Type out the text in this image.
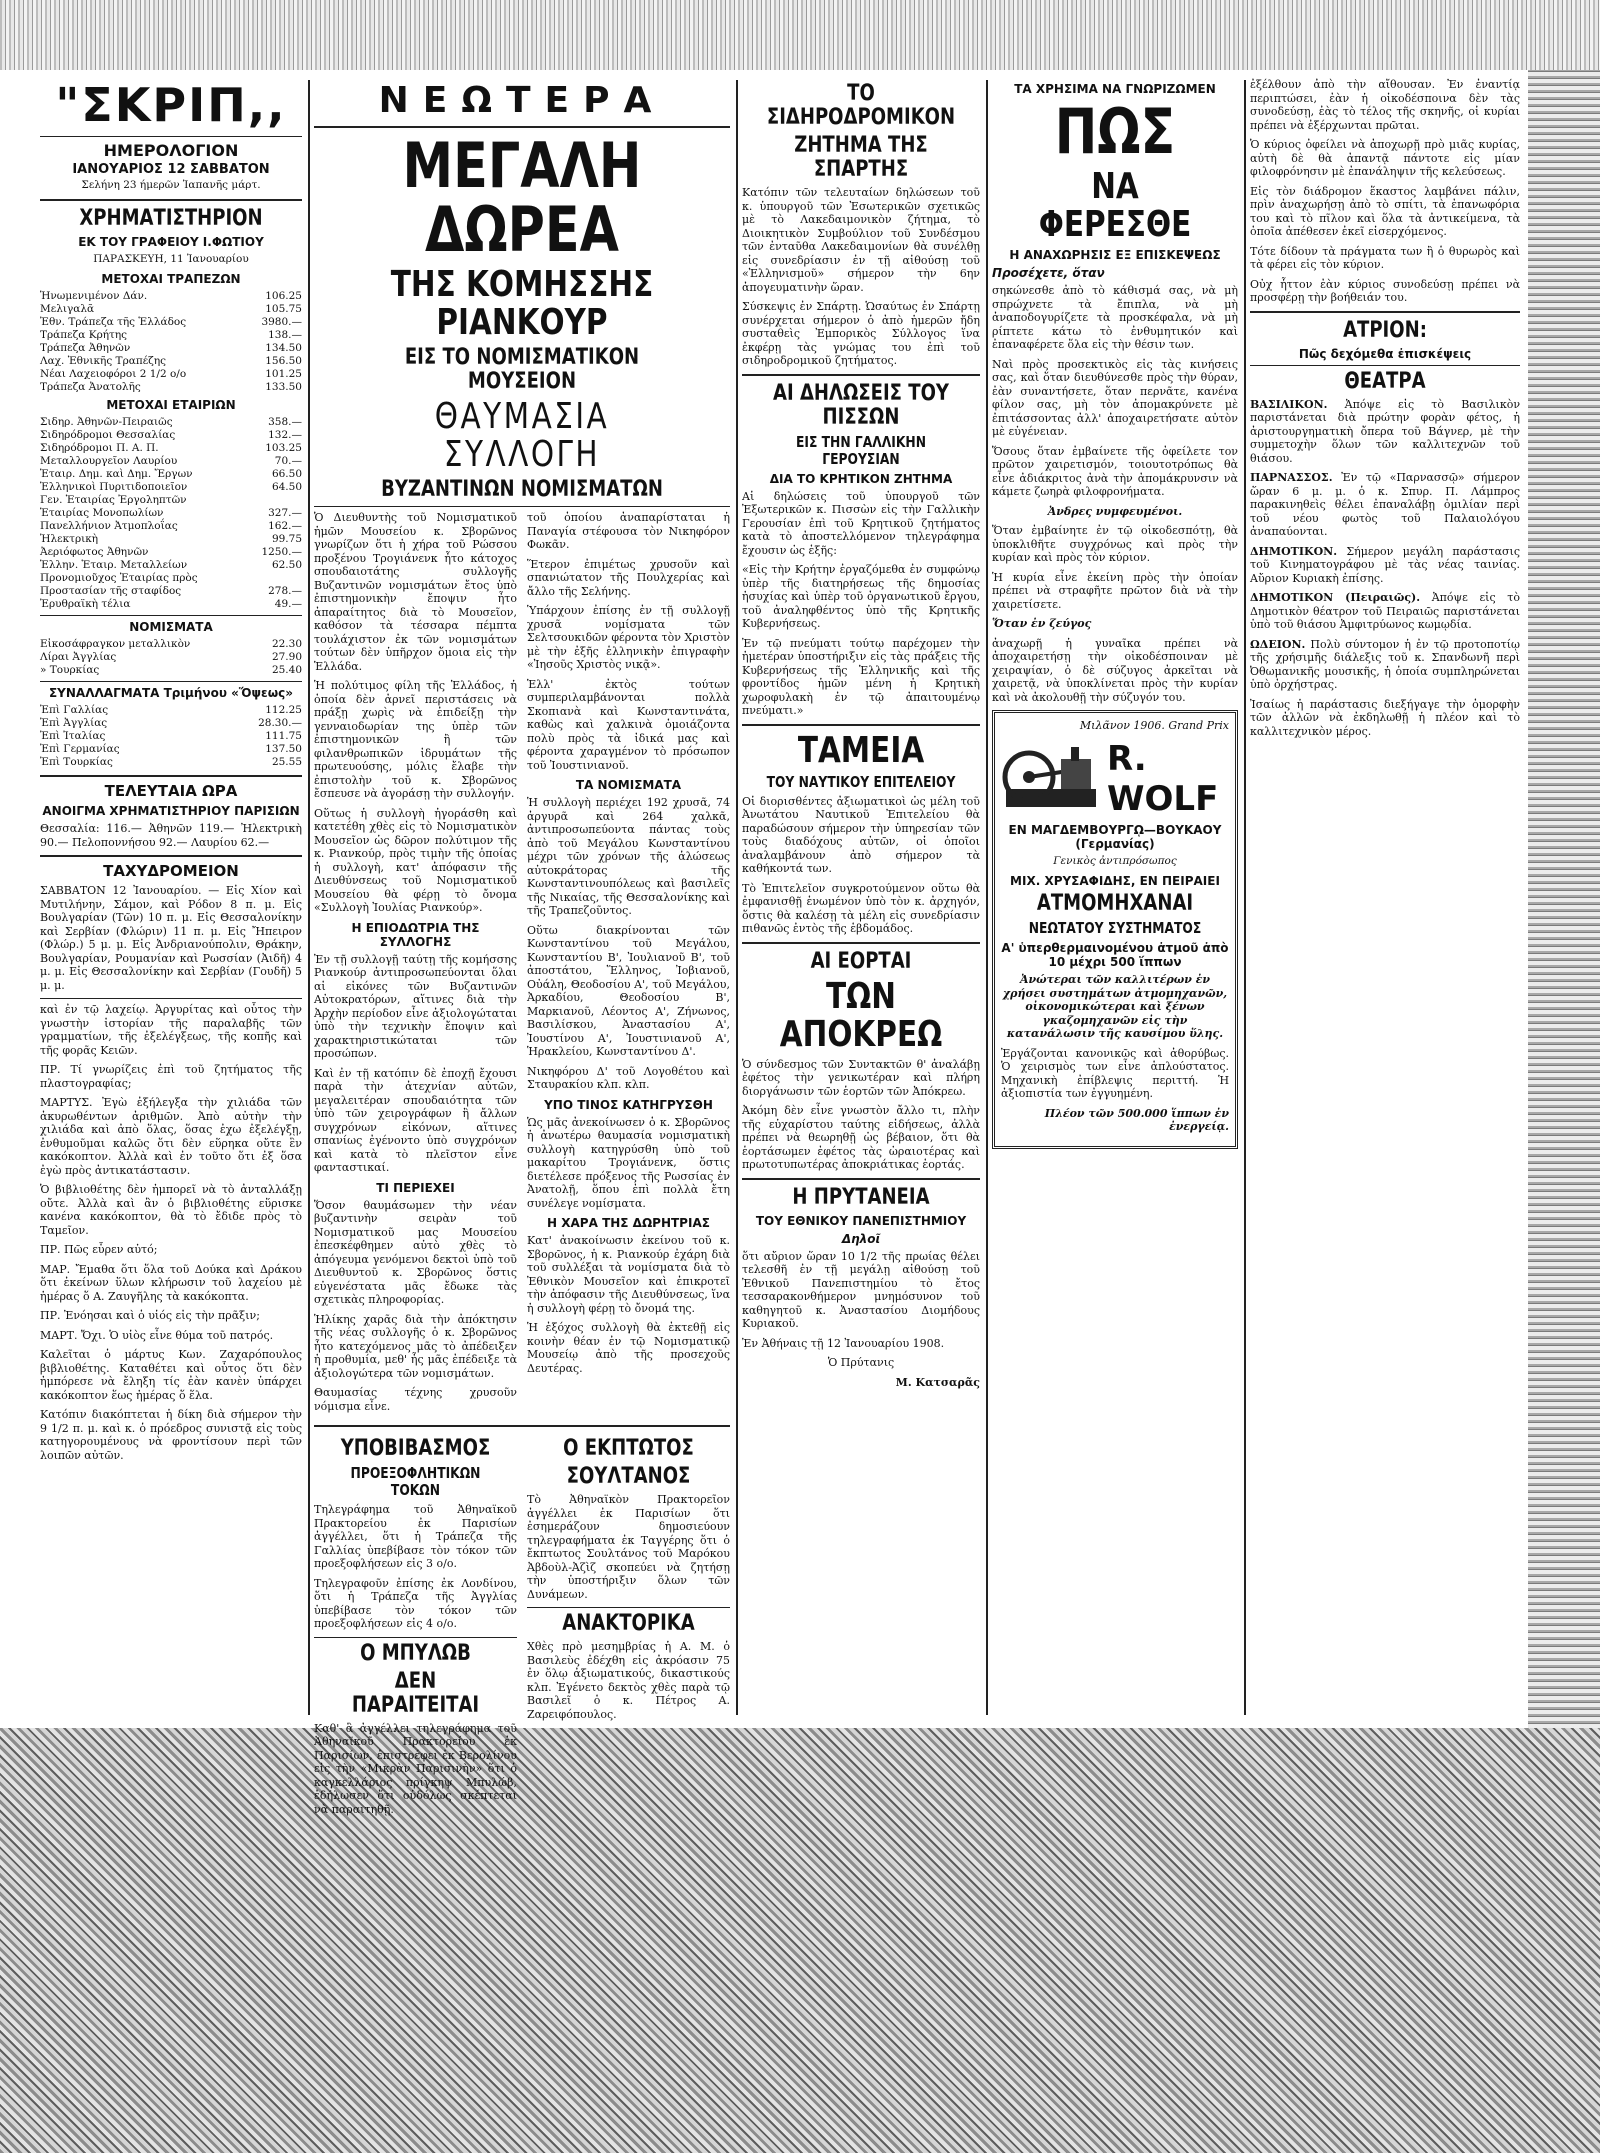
"ΣΚΡΙΠ,,
ΗΜΕΡΟΛΟΓΙΟΝ
ΙΑΝΟΥΑΡΙΟΣ 12 ΣΑΒΒΑΤΟΝ
Σελήνη 23 ήμερῶν Ἰαπανῆς μάρτ.
ΧΡΗΜΑΤΙΣΤΗΡΙΟΝ
ΕΚ ΤΟΥ ΓΡΑΦΕΙΟΥ Ι.ΦΩΤΙΟΥ
ΠΑΡΑΣΚΕΥΗ, 11 Ἰανουαρίου
ΜΕΤΟΧΑΙ ΤΡΑΠΕΖΩΝ
Ἡνωμενιμένον Δάν.	106.25
Μελιγαλᾶ	105.75
Ἐθν. Τράπεζα τῆς Ἑλλάδος	3980.—
Τράπεζα Κρήτης	138.—
Τράπεζα Ἀθηνῶν	134.50
Λαχ. Ἐθνικῆς Τραπέζης	156.50
Νέαι Λαχειοφόροι 2 1/2 ο/ο	101.25
Τράπεζα Ἀνατολῆς	133.50
ΜΕΤΟΧΑΙ ΕΤΑΙΡΙΩΝ
Σιδηρ. Ἀθηνῶν-Πειραιῶς	358.—
Σιδηρόδρομοι Θεσσαλίας	132.—
Σιδηρόδρομοι Π. Α. Π.	103.25
Μεταλλουργεῖον Λαυρίου	70.—
Ἑταιρ. Δημ. καὶ Δημ. Ἔργων	66.50
Ἑλληνικοὶ Πυριτιδοποιεῖον	64.50
Γεν. Ἑταιρίας Ἐργοληπτῶν	
Ἑταιρίας Μονοπωλίων	327.—
Πανελλήνιον Ἀτμοπλοΐας	162.—
Ἠλεκτρικὴ	99.75
Ἀεριόφωτος Ἀθηνῶν	1250.—
Ἑλλην. Ἑταιρ. Μεταλλείων	62.50
Προνομιοῦχος Ἑταιρίας πρὸς	
Προστασίαν τῆς σταφίδος	278.—
Ἐρυθραϊκὴ τέλια	49.—
ΝΟΜΙΣΜΑΤΑ
Εἰκοσάφραγκον μεταλλικὸν	22.30
Λίραι Ἀγγλίας	27.90
» Τουρκίας	25.40
ΣΥΝΑΛΛΑΓΜΑΤΑ Τριμήνου «Ὄψεως»
Ἐπὶ Γαλλίας	112.25
Ἐπὶ Ἀγγλίας	28.30.—
Ἐπὶ Ἰταλίας	111.75
Ἐπὶ Γερμανίας	137.50
Ἐπὶ Τουρκίας	25.55
ΤΕΛΕΥΤΑΙΑ ΩΡΑ
ΑΝΟΙΓΜΑ ΧΡΗΜΑΤΙΣΤΗΡΙΟΥ ΠΑΡΙΣΙΩΝ

Θεσσαλία: 116.— Ἀθηνῶν 119.— Ἠλεκτρικὴ 90.— Πελοποννήσου 92.— Λαυρίου 62.—

ΤΑΧΥΔΡΟΜΕΙΟΝ

ΣΑΒΒΑΤΟΝ 12 Ἰανουαρίου. — Εἰς Χίον καὶ Μυτιλήνην, Σάμον, καὶ Ρόδον 8 π. μ. Εἰς Βουλγαρίαν (Τῶν) 10 π. μ. Εἰς Θεσσαλονίκην καὶ Σερβίαν (Φλώριν) 11 π. μ. Εἰς Ἤπειρον (Φλώρ.) 5 μ. μ. Εἰς Ἀνδριανούπολιν, Θράκην, Βουλγαρίαν, Ρουμανίαν καὶ Ρωσσίαν (Ἀιδῆ) 4 μ. μ. Εἰς Θεσσαλονίκην καὶ Σερβίαν (Γουδῆ) 5 μ. μ.

καὶ ἐν τῷ λαχείῳ. Ἀργυρίτας καὶ οὗτος τὴν γνωστὴν ἱστορίαν τῆς παραλαβῆς τῶν γραμματίων, τῆς ἐξελέγξεως, τῆς κοπῆς καὶ τῆς φορᾶς Κειῶν.

ΠΡ. Τί γνωρίζεις ἐπὶ τοῦ ζητήματος τῆς πλαστογραφίας;

ΜΑΡΤΥΣ. Ἐγὼ ἐξήλεγξα τὴν χιλιάδα τῶν ἀκυρωθέντων ἀριθμῶν. Ἀπὸ αὐτὴν τὴν χιλιάδα καὶ ἀπὸ ὅλας, ὅσας ἐχω ἐξελέγξῃ, ἐνθυμοῦμαι καλῶς ὅτι δὲν εὕρηκα οὔτε ἓν κακόκοπτον. Ἀλλὰ καὶ ἐν τοῦτο ὅτι ἐξ ὅσα ἐγὼ πρὸς ἀντικατάστασιν.

Ὁ βιβλιοθέτης δὲν ἠμπορεῖ νὰ τὸ ἀνταλλάξῃ οὔτε. Ἀλλὰ καὶ ἂν ὁ βιβλιοθέτης εὕρισκε κανένα κακόκοπτον, θὰ τὸ ἔδιδε πρὸς τὸ Ταμεῖον.

ΠΡ. Πῶς εὗρεν αὐτό;

ΜΑΡ. Ἔμαθα ὅτι ὅλα τοῦ Δούκα καὶ Δράκου ὅτι ἐκείνων ὕλων κλήρωσιν τοῦ λαχείου μὲ ἡμέρας ὅ Α. Ζαυγῆλης τὰ κακόκοπτα.

ΠΡ. Ἐνόησαι καὶ ὁ υἱός εἰς τὴν πρᾶξιν;

ΜΑΡΤ. Ὄχι. Ὁ υἱὸς εἶνε θύμα τοῦ πατρός.

Καλεῖται ὁ μάρτυς Κων. Ζαχαρόπουλος βιβλιοθέτης. Καταθέτει καὶ οὗτος ὅτι δὲν ἠμπόρεσε νὰ ἔληξη τίς ἐὰν κανὲν ὑπάρχει κακόκοπτον ἕως ἡμέρας ὅ ἕλα.

Κατόπιν διακόπτεται ἡ δίκη διὰ σήμερον τὴν 9 1/2 π. μ. καὶ κ. ὁ πρόεδρος συνιστᾷ εἰς τοὺς κατηγορουμένους νὰ φροντίσουν περὶ τῶν λοιπῶν αὐτῶν.

ΝΕΩΤΕΡΑ
ΜΕΓΑΛΗ ΔΩΡΕΑ
ΤΗΣ ΚΟΜΗΣΣΗΣ ΡΙΑΝΚΟΥΡ
ΕΙΣ ΤΟ ΝΟΜΙΣΜΑΤΙΚΟΝ ΜΟΥΣΕΙΟΝ
ΘΑΥΜΑΣΙΑ ΣΥΛΛΟΓΗ
ΒΥΖΑΝΤΙΝΩΝ ΝΟΜΙΣΜΑΤΩΝ

Ὁ Διευθυντὴς τοῦ Νομισματικοῦ ἡμῶν Μουσείου κ. Σβορῶνος γνωρίζων ὅτι ἡ χήρα τοῦ Ρώσσου προξένου Τρογιάνενκ ἦτο κάτοχος σπουδαιοτάτης συλλογῆς Βυζαντινῶν νομισμάτων ἔτος ὑπὸ ἐπιστημονικὴν ἔποψιν ἦτο ἀπαραίτητος διὰ τὸ Μουσεῖον, καθόσον τὰ τέσσαρα πέμπτα τουλάχιστον ἐκ τῶν νομισμάτων τούτων δὲν ὑπῆρχον ὅμοια εἰς τὴν Ἑλλάδα.

Ἡ πολύτιμος φίλη τῆς Ἑλλάδος, ἡ ὁποία δὲν ἀρνεῖ περιστάσεις νὰ πράξῃ χωρὶς νὰ ἐπιδείξῃ τὴν γενναιοδωρίαν της ὑπὲρ τῶν ἐπιστημονικῶν ἢ τῶν φιλανθρωπικῶν ἱδρυμάτων τῆς πρωτευούσης, μόλις ἔλαβε τὴν ἐπιστολὴν τοῦ κ. Σβορῶνος ἔσπευσε νὰ ἀγοράσῃ τὴν συλλογήν.

Οὕτως ἡ συλλογὴ ἠγοράσθη καὶ κατετέθη χθὲς εἰς τὸ Νομισματικὸν Μουσεῖον ὡς δῶρον πολύτιμον τῆς κ. Ριανκούρ, πρὸς τιμὴν τῆς ὁποίας ἡ συλλογὴ, κατ' ἀπόφασιν τῆς Διευθύνσεως τοῦ Νομισματικοῦ Μουσείου θὰ φέρῃ τὸ ὄνομα «Συλλογὴ Ἰουλίας Ριανκούρ».

Η ΕΠΙΟΔΩΤΡΙΑ ΤΗΣ ΣΥΛΛΟΓΗΣ

Ἐν τῇ συλλογῇ ταύτῃ τῆς κομήσσης Ριανκούρ ἀντιπροσωπεύονται ὅλαι αἱ εἰκόνες τῶν Βυζαντινῶν Αὐτοκρατόρων, αἵτινες διὰ τὴν Ἀρχὴν περίοδον εἶνε ἀξιολογώταται ὑπὸ τὴν τεχνικὴν ἔποψιν καὶ χαρακτηριστικώταται τῶν προσώπων.

Καὶ ἐν τῇ κατόπιν δὲ ἐποχῇ ἔχουσι παρὰ τὴν ἀτεχνίαν αὐτῶν, μεγαλειτέραν σπουδαιότητα τῶν ὑπὸ τῶν χειρογράφων ἢ ἄλλων συγχρόνων εἰκόνων, αἵτινες σπανίως ἐγένοντο ὑπὸ συγχρόνων καὶ κατὰ τὸ πλεῖστον εἶνε φανταστικαί.

ΤΙ ΠΕΡΙΕΧΕΙ

Ὅσον θαυμάσωμεν τὴν νέαν βυζαντινὴν σειρὰν τοῦ Νομισματικοῦ μας Μουσείου ἐπεσκέφθημεν αὐτὸ χθὲς τὸ ἀπόγευμα γενόμενοι δεκτοὶ ὑπὸ τοῦ Διευθυντοῦ κ. Σβορῶνος ὅστις εὐγενέστατα μᾶς ἔδωκε τὰς σχετικὰς πληροφορίας.

Ἡλίκης χαρᾶς διὰ τὴν ἀπόκτησιν τῆς νέας συλλογῆς ὁ κ. Σβορῶνος ἦτο κατεχόμενος μᾶς τὸ ἀπέδειξεν ἡ προθυμία, μεθ' ἧς μᾶς ἐπέδειξε τὰ ἀξιολογώτερα τῶν νομισμάτων.

Θαυμασίας τέχνης χρυσοῦν νόμισμα εἶνε.

τοῦ ὁποίου ἀναπαρίσταται ἡ Παναγία στέφουσα τὸν Νικηφόρον Φωκᾶν.

Ἕτερον ἐπιμέτως χρυσοῦν καὶ σπανιώτατον τῆς Πουλχερίας καὶ ἄλλο τῆς Σελήνης.

Ὑπάρχουν ἐπίσης ἐν τῇ συλλογῇ χρυσᾶ νομίσματα τῶν Σελτσουκιδῶν φέροντα τὸν Χριστὸν μὲ τὴν ἐξῆς ἑλληνικὴν ἐπιγραφὴν «Ἰησοῦς Χριστὸς νικᾷ».

Ἑλλ' ἐκτὸς τούτων συμπεριλαμβάνονται πολλὰ Σκοπιανὰ καὶ Κωνσταντινάτα, καθὼς καὶ χαλκινὰ ὁμοιάζοντα πολὺ πρὸς τὰ ἰδικά μας καὶ φέροντα χαραγμένον τὸ πρόσωπον τοῦ Ἰουστινιανοῦ.

ΤΑ ΝΟΜΙΣΜΑΤΑ

Ἡ συλλογὴ περιέχει 192 χρυσᾶ, 74 ἀργυρᾶ καὶ 264 χαλκᾶ, ἀντιπροσωπεύοντα πάντας τοὺς ἀπὸ τοῦ Μεγάλου Κωνσταντίνου μέχρι τῶν χρόνων τῆς ἁλώσεως αὐτοκράτορας τῆς Κωνσταντινουπόλεως καὶ βασιλεῖς τῆς Νικαίας, τῆς Θεσσαλονίκης καὶ τῆς Τραπεζοῦντος.

Οὕτω διακρίνονται τῶν Κωνσταντίνου τοῦ Μεγάλου, Κωνσταντίου Β', Ἰουλιανοῦ Β', τοῦ ἀποστάτου, Ἕλληνος, Ἰοβιανοῦ, Οὐάλη, Θεοδοσίου Α', τοῦ Μεγάλου, Ἀρκαδίου, Θεοδοσίου Β', Μαρκιανοῦ, Λέοντος Α', Ζήνωνος, Βασιλίσκου, Ἀναστασίου Α', Ἰουστίνου Α', Ἰουστινιανοῦ Α', Ἡρακλείου, Κωνσταντίνου Δ'.

Νικηφόρου Δ' τοῦ Λογοθέτου καὶ Σταυρακίου κλπ. κλπ.

ΥΠΟ ΤΙΝΟΣ ΚΑΤΗΓΡΥΣΘΗ

Ὡς μᾶς ἀνεκοίνωσεν ὁ κ. Σβορῶνος ἡ ἀνωτέρω θαυμασία νομισματικὴ συλλογὴ κατηγρύσθη ὑπὸ τοῦ μακαρίτου Τρογιάνενκ, ὅστις διετέλεσε πρόξενος τῆς Ρωσσίας ἐν Ἀνατολῇ, ὅπου ἐπὶ πολλὰ ἔτη συνέλεγε νομίσματα.

Η ΧΑΡΑ ΤΗΣ ΔΩΡΗΤΡΙΑΣ

Κατ' ἀνακοίνωσιν ἐκείνου τοῦ κ. Σβορῶνος, ἡ κ. Ριανκούρ ἐχάρη διὰ τοῦ συλλέξαι τὰ νομίσματα διὰ τὸ Ἐθνικὸν Μουσεῖον καὶ ἐπικροτεῖ τὴν ἀπόφασιν τῆς Διευθύνσεως, ἵνα ἡ συλλογὴ φέρῃ τὸ ὄνομά της.

Ἡ ἐξόχος συλλογὴ θὰ ἐκτεθῇ εἰς κοινὴν θέαν ἐν τῷ Νομισματικῷ Μουσείῳ ἀπὸ τῆς προσεχοῦς Δευτέρας.

ΥΠΟΒΙΒΑΣΜΟΣ
ΠΡΟΕΞΟΦΛΗΤΙΚΩΝ ΤΟΚΩΝ

Τηλεγράφημα τοῦ Ἀθηναϊκοῦ Πρακτορείου ἐκ Παρισίων ἀγγέλλει, ὅτι ἡ Τράπεζα τῆς Γαλλίας ὑπεβίβασε τὸν τόκον τῶν προεξοφλήσεων εἰς 3 ο/ο.

Τηλεγραφοῦν ἐπίσης ἐκ Λονδίνου, ὅτι ἡ Τράπεζα τῆς Ἀγγλίας ὑπεβίβασε τὸν τόκον τῶν προεξοφλήσεων εἰς 4 ο/ο.

Ο ΜΠΥΛΩΒ
ΔΕΝ ΠΑΡΑΙΤΕΙΤΑΙ

Καθ' ἃ ἀγγέλλει τηλεγράφημα τοῦ Ἀθηναϊκοῦ Πρακτορείου ἐκ Παρισίων, ἐπιστρέφει ἐκ Βερολίνου εἰς τὴν «Μικρὰν Παρισινὴν» ὅτι ὁ καγκελλάριος πρίγκηψ Μπυλώβ, ἐδήλωσεν ὅτι οὐδόλως σκέπτεται νὰ παραιτηθῇ.

Ο ΕΚΠΤΩΤΟΣ
ΣΟΥΛΤΑΝΟΣ

Τὸ Ἀθηναϊκὸν Πρακτορεῖον ἀγγέλλει ἐκ Παρισίων ὅτι ἐσημεράζουν δημοσιεύουν τηλεγραφήματα ἐκ Ταγγέρης ὅτι ὁ ἔκπτωτος Σουλτάνος τοῦ Μαρόκου Ἀβδοὺλ-Ἀζὶζ σκοπεύει νὰ ζητήσῃ τὴν ὑποστήριξιν ὅλων τῶν Δυνάμεων.

ΑΝΑΚΤΟΡΙΚΑ

Χθὲς πρὸ μεσημβρίας ἡ Α. Μ. ὁ Βασιλεὺς ἐδέχθη εἰς ἀκρόασιν 75 ἐν ὅλῳ ἀξιωματικούς, δικαστικούς κλπ. Ἐγένετο δεκτὸς χθὲς παρὰ τῷ Βασιλεῖ ὁ κ. Πέτρος Α. Ζαρειφόπουλος.

ΤΟ ΣΙΔΗΡΟΔΡΟΜΙΚΟΝ
ΖΗΤΗΜΑ ΤΗΣ ΣΠΑΡΤΗΣ

Κατόπιν τῶν τελευταίων δηλώσεων τοῦ κ. ὑπουργοῦ τῶν Ἐσωτερικῶν σχετικῶς μὲ τὸ Λακεδαιμονικὸν ζήτημα, τὸ Διοικητικὸν Συμβούλιον τοῦ Συνδέσμου τῶν ἐνταῦθα Λακεδαιμονίων θὰ συνέλθῃ εἰς συνεδρίασιν ἐν τῇ αἰθούσῃ τοῦ «Ἑλληνισμοῦ» σήμερον τὴν 6ην ἀπογευματινὴν ὥραν.

Σύσκεψις ἐν Σπάρτῃ. Ὡσαύτως ἐν Σπάρτῃ συνέρχεται σήμερον ὁ ἀπὸ ἡμερῶν ἤδη συσταθεὶς Ἐμπορικὸς Σύλλογος ἵνα ἐκφέρῃ τὰς γνώμας του ἐπὶ τοῦ σιδηροδρομικοῦ ζητήματος.

ΑΙ ΔΗΛΩΣΕΙΣ ΤΟΥ ΠΙΣΣΩΝ
ΕΙΣ ΤΗΝ ΓΑΛΛΙΚΗΝ ΓΕΡΟΥΣΙΑΝ
ΔΙΑ ΤΟ ΚΡΗΤΙΚΟΝ ΖΗΤΗΜΑ

Αἱ δηλώσεις τοῦ ὑπουργοῦ τῶν Ἐξωτερικῶν κ. Πισσὼν εἰς τὴν Γαλλικὴν Γερουσίαν ἐπὶ τοῦ Κρητικοῦ ζητήματος κατὰ τὸ ἀποστελλόμενον τηλεγράφημα ἔχουσιν ὡς ἑξῆς:

«Εἰς τὴν Κρήτην ἐργαζόμεθα ἐν συμφώνῳ ὑπὲρ τῆς διατηρήσεως τῆς δημοσίας ἡσυχίας καὶ ὑπὲρ τοῦ ὀργανωτικοῦ ἔργου, τοῦ ἀναληφθέντος ὑπὸ τῆς Κρητικῆς Κυβερνήσεως.

Ἐν τῷ πνεύματι τούτῳ παρέχομεν τὴν ἡμετέραν ὑποστήριξιν εἰς τὰς πράξεις τῆς Κυβερνήσεως τῆς Ἑλληνικῆς καὶ τῆς φροντίδος ἡμῶν μένη ἡ Κρητικὴ χωροφυλακὴ ἐν τῷ ἀπαιτουμένῳ πνεύματι.»

ΤΑΜΕΙΑ
ΤΟΥ ΝΑΥΤΙΚΟΥ ΕΠΙΤΕΛΕΙΟΥ

Οἱ διορισθέντες ἀξιωματικοὶ ὡς μέλη τοῦ Ἀνωτάτου Ναυτικοῦ Ἐπιτελείου θὰ παραδώσουν σήμερον τὴν ὑπηρεσίαν τῶν τοὺς διαδόχους αὐτῶν, οἱ ὁποῖοι ἀναλαμβάνουν ἀπὸ σήμερον τὰ καθήκοντά των.

Τὸ Ἐπιτελεῖον συγκροτούμενον οὕτω θὰ ἐμφανισθῇ ἑνωμένον ὑπὸ τὸν κ. ἀρχηγόν, ὅστις θὰ καλέσῃ τὰ μέλη εἰς συνεδρίασιν πιθανῶς ἐντὸς τῆς ἑβδομάδος.

ΑΙ ΕΟΡΤΑΙ
ΤΩΝ ΑΠΟΚΡΕΩ

Ὁ σύνδεσμος τῶν Συντακτῶν θ' ἀναλάβῃ ἐφέτος τὴν γενικωτέραν καὶ πλήρη διοργάνωσιν τῶν ἑορτῶν τῶν Ἀπόκρεω.

Ἀκόμη δὲν εἶνε γνωστὸν ἄλλο τι, πλὴν τῆς εὐχαρίστου ταύτης εἰδήσεως, ἀλλὰ πρέπει νὰ θεωρηθῇ ὡς βέβαιον, ὅτι θὰ ἑορτάσωμεν ἐφέτος τὰς ὡραιοτέρας καὶ πρωτοτυπωτέρας ἀποκριάτικας ἑορτάς.

Η ΠΡΥΤΑΝΕΙΑ
ΤΟΥ ΕΘΝΙΚΟΥ ΠΑΝΕΠΙΣΤΗΜΙΟΥ
Δηλοῖ

ὅτι αὔριον ὥραν 10 1/2 τῆς πρωίας θέλει τελεσθῆ ἐν τῇ μεγάλῃ αἰθούσῃ τοῦ Ἐθνικοῦ Πανεπιστημίου τὸ ἔτος τεσσαρακονθήμερον μνημόσυνον τοῦ καθηγητοῦ κ. Ἀναστασίου Διομήδους Κυριακοῦ.

Ἐν Ἀθήναις τῇ 12 Ἰανουαρίου 1908.

Ὁ Πρύτανις

Μ. Κατσαρᾶς

ΤΑ ΧΡΗΣΙΜΑ ΝΑ ΓΝΩΡΙΖΩΜΕΝ
ΠΩΣ
ΝΑ ΦΕΡΕΣΘΕ
Η ΑΝΑΧΩΡΗΣΙΣ ΕΞ ΕΠΙΣΚΕΨΕΩΣ
Προσέχετε, ὅταν

σηκώνεσθε ἀπὸ τὸ κάθισμά σας, νὰ μὴ σπρώχνετε τὰ ἔπιπλα, νὰ μὴ ἀναποδογυρίζετε τὰ προσκέφαλα, νὰ μὴ ρίπτετε κάτω τὸ ἐνθυμητικόν καὶ ἐπαναφέρετε ὅλα εἰς τὴν θέσιν των.

Ναὶ πρὸς προσεκτικὸς εἰς τὰς κινήσεις σας, καὶ ὅταν διευθύνεσθε πρὸς τὴν θύραν, ἐὰν συναντήσετε, ὅταν περνᾶτε, κανένα φίλον σας, μὴ τὸν ἀπομακρύνετε μὲ ἐπιτάσσοντας ἀλλ' ἀποχαιρετήσατε αὐτὸν μὲ εὐγένειαν.

Ὅσους ὅταν ἐμβαίνετε τῆς ὀφείλετε τον πρῶτον χαιρετισμόν, τοιουτοτρόπως θὰ εἶνε ἀδιάκριτος ἀνὰ τὴν ἀπομάκρυνσιν νὰ κάμετε ζωηρὰ φιλοφρονήματα.

Ἀνδρες νυμφευμένοι.

Ὅταν ἐμβαίνητε ἐν τῷ οἰκοδεσπότῃ, θὰ ὑποκλιθῆτε συγχρόνως καὶ πρὸς τὴν κυρίαν καὶ πρὸς τὸν κύριον.

Ἡ κυρία εἶνε ἐκείνη πρὸς τὴν ὁποίαν πρέπει νὰ στραφῆτε πρῶτον διὰ νὰ τὴν χαιρετίσετε.

Ὅταν ἐν ζεύγος

ἀναχωρῇ ἡ γυναῖκα πρέπει νὰ ἀποχαιρετήσῃ τὴν οἰκοδέσποιναν μὲ χειραψίαν, ὁ δὲ σύζυγος ἀρκεῖται νὰ χαιρετᾷ, νὰ ὑποκλίνεται πρὸς τὴν κυρίαν καὶ νὰ ἀκολουθῇ τὴν σύζυγόν του.

Μιλᾶνον 1906. Grand Prix
R. WOLF
ΕΝ ΜΑΓΔΕΜΒΟΥΡΓῼ—ΒΟΥΚΑΟΥ (Γερμανίας)
Γενικὸς ἀντιπρόσωπος
ΜΙΧ. ΧΡΥΣΑΦΙΔΗΣ, ΕΝ ΠΕΙΡΑΙΕΙ
ΑΤΜΟΜΗΧΑΝΑΙ
ΝΕΩΤΑΤΟΥ ΣΥΣΤΗΜΑΤΟΣ
Α' ὑπερθερμαινομένου ἀτμοῦ ἀπὸ 10 μέχρι 500 ἵππων

Ἀνώτεραι τῶν καλλιτέρων ἐν χρήσει συστημάτων ἀτμομηχανῶν, οἰκονομικώτεραι καὶ ξένων γκαζομηχανῶν εἰς τὴν κατανάλωσιν τῆς καυσίμου ὕλης.

Ἐργάζονται κανονικῶς καὶ ἀθορύβως. Ὁ χειρισμὸς των εἶνε ἁπλούστατος. Μηχανικὴ ἐπίβλεψις περιττή. Ἡ ἀξιοπιστία των ἐγγυημένη.

Πλέον τῶν 500.000 ἵππων ἐν ἐνεργείᾳ.

ἐξέλθουν ἀπὸ τὴν αἴθουσαν. Ἐν ἐναντίᾳ περιπτώσει, ἐὰν ἡ οἰκοδέσποινα δὲν τὰς συνοδεύσῃ, ἐὰς τὸ τέλος τῆς σκηνῆς, οἱ κυρίαι πρέπει νὰ ἐξέρχωνται πρῶται.

Ὁ κύριος ὀφείλει νὰ ἀποχωρῇ πρὸ μιᾶς κυρίας, αὐτὴ δὲ θὰ ἀπαντᾷ πάντοτε εἰς μίαν φιλοφρόνησιν μὲ ἐπανάληψιν τῆς κελεύσεως.

Εἰς τὸν διάδρομον ἕκαστος λαμβάνει πάλιν, πρὶν ἀναχωρήσῃ ἀπὸ τὸ σπίτι, τὰ ἐπανωφόρια του καὶ τὸ πῖλον καὶ ὅλα τὰ ἀντικείμενα, τὰ ὁποῖα ἀπέθεσεν ἐκεῖ εἰσερχόμενος.

Τότε δίδουν τὰ πράγματα των ἢ ὁ θυρωρὸς καὶ τὰ φέρει εἰς τὸν κύριον.

Οὐχ ἧττον ἐὰν κύριος συνοδεύσῃ πρέπει νὰ προσφέρῃ τὴν βοήθειάν του.

ΑΤΡΙΟΝ:
Πῶς δεχόμεθα ἐπισκέψεις
ΘΕΑΤΡΑ

ΒΑΣΙΛΙΚΟΝ. Ἀπόψε εἰς τὸ Βασιλικὸν παριστάνεται διὰ πρώτην φορὰν φέτος, ἡ ἀριστουργηματικὴ ὄπερα τοῦ Βάγνερ, μὲ τὴν συμμετοχὴν ὅλων τῶν καλλιτεχνῶν τοῦ θιάσου.

ΠΑΡΝΑΣΣΟΣ. Ἐν τῷ «Παρνασσῷ» σήμερον ὥραν 6 μ. μ. ὁ κ. Σπυρ. Π. Λάμπρος παρακινηθεὶς θέλει ἐπαναλάβῃ ὁμιλίαν περὶ τοῦ νέου φωτὸς τοῦ Παλαιολόγου ἀναπαύονται.

ΔΗΜΟΤΙΚΟΝ. Σήμερον μεγάλη παράστασις τοῦ Κινηματογράφου μὲ τὰς νέας ταινίας. Αὔριον Κυριακὴ ἐπίσης.

ΔΗΜΟΤΙΚΟΝ (Πειραιῶς). Ἀπόψε εἰς τὸ Δημοτικὸν θέατρον τοῦ Πειραιῶς παριστάνεται ὑπὸ τοῦ θιάσου Ἀμφιτρύωνος κωμῳδία.

ΩΔΕΙΟΝ. Πολὺ σύντομον ἡ ἐν τῷ προτοποτίῳ τῆς χρήσιμῆς διάλεξις τοῦ κ. Σπανδωνῆ περὶ Ὀθωμανικῆς μουσικῆς, ἡ ὁποία συμπληρώνεται ὑπὸ ὀρχήστρας.

Ἰσαίως ἡ παράστασις διεξήγαγε τὴν ὁμορφὴν τῶν ἀλλῶν νὰ ἐκδηλωθῇ ἡ πλέον καὶ τὸ καλλιτεχνικὸν μέρος.
